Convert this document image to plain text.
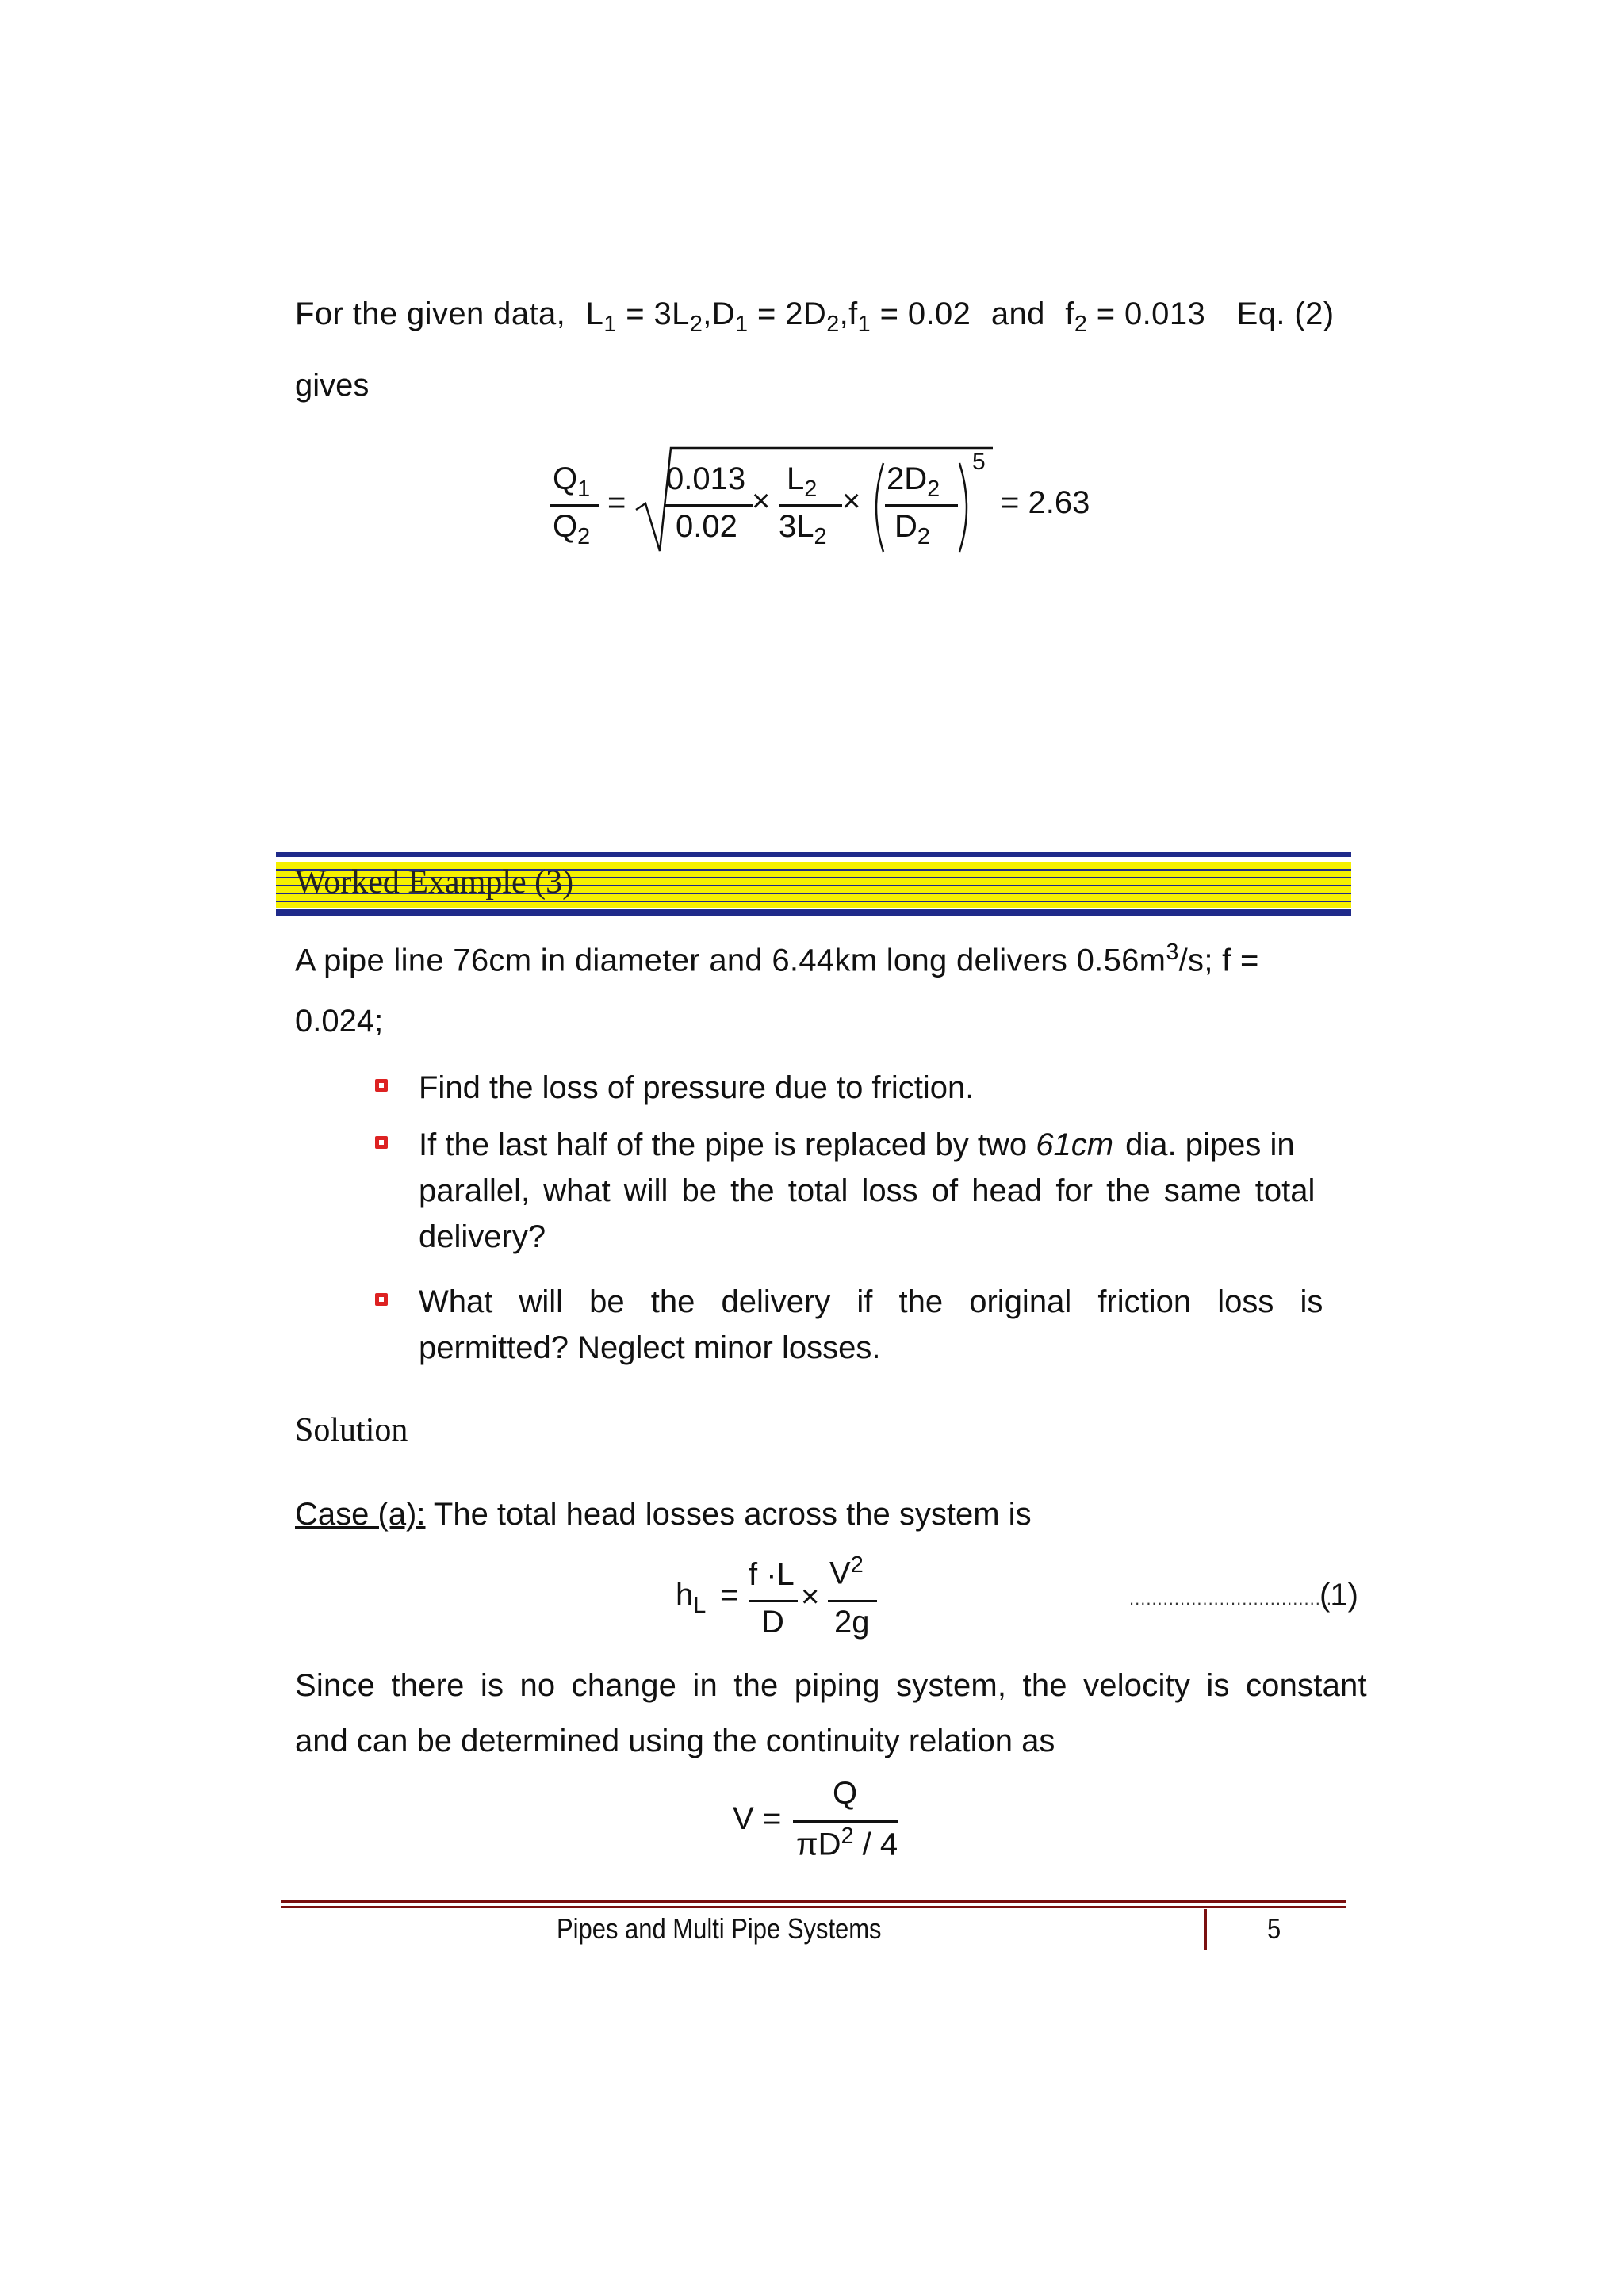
For the given data, $L_1 = 3L_2,D_1 = 2D_2,f_1 = 0.02$ and $f_2 = 0.013$ Eq. (2)
gives
$Q_1$
$Q_2$
=
0.013
0.02
×
$L_2$
$3L_2$
×
$2D_2$
$D_2$
5
= 2.63
Worked Example (3)
A pipe line 76cm in diameter and 6.44km long delivers $0.56m^3/s$; f =
0.024;
Find the loss of pressure due to friction.
If the last half of the pipe is replaced by two 61cm dia. pipes in
parallel, what will be the total loss of head for the same total
delivery?
What will be the delivery if the original friction loss is
permitted? Neglect minor losses.
Solution
Case (a): The total head losses across the system is
$h_L$ =
f ·L
D
×
$V^2$
2g
.....................................
(1)
Since there is no change in the piping system, the velocity is constant
and can be determined using the continuity relation as
V =
Q
$\pi D^2 / 4$
Pipes and Multi Pipe Systems	5
